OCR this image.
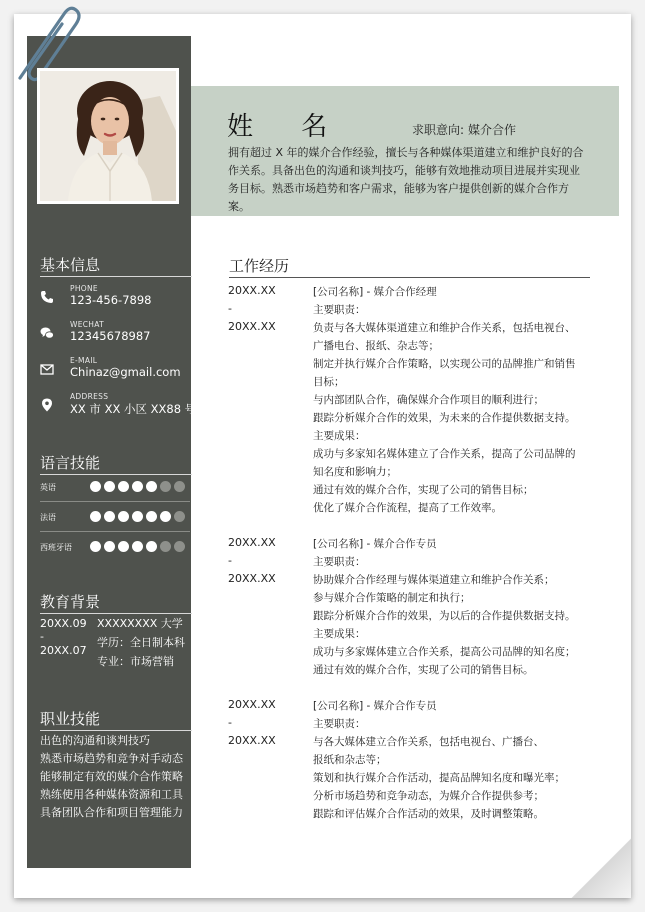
姓 名	求职意向: 媒介合作
拥有超过 X 年的媒介合作经验，擅长与各种媒体渠道建立和维护良好的合作关系。具备出色的沟通和谈判技巧，能够有效地推动项目进展并实现业务目标。熟悉市场趋势和客户需求，能够为客户提供创新的媒介合作方案。
基本信息
PHONE
123-456-7898
WECHAT
12345678987
E-MAIL
Chinaz@gmail.com
ADDRESS
XX 市 XX 小区 XX88 号
语言技能
英语
法语
西班牙语
教育背景
20XX.09
-
20XX.07
XXXXXXXX 大学
学历：全日制本科
专业：市场营销
职业技能
出色的沟通和谈判技巧
熟悉市场趋势和竞争对手动态
能够制定有效的媒介合作策略
熟练使用各种媒体资源和工具
具备团队合作和项目管理能力
工作经历
20XX.XX
-
20XX.XX
[公司名称] - 媒介合作经理
主要职责：
负责与各大媒体渠道建立和维护合作关系，包括电视台、
广播电台、报纸、杂志等；
制定并执行媒介合作策略，以实现公司的品牌推广和销售
目标；
与内部团队合作，确保媒介合作项目的顺利进行；
跟踪分析媒介合作的效果，为未来的合作提供数据支持。
主要成果：
成功与多家知名媒体建立了合作关系，提高了公司品牌的
知名度和影响力；
通过有效的媒介合作，实现了公司的销售目标；
优化了媒介合作流程，提高了工作效率。
20XX.XX
-
20XX.XX
[公司名称] - 媒介合作专员
主要职责：
协助媒介合作经理与媒体渠道建立和维护合作关系；
参与媒介合作策略的制定和执行；
跟踪分析媒介合作的效果，为以后的合作提供数据支持。
主要成果：
成功与多家媒体建立合作关系，提高公司品牌的知名度；
通过有效的媒介合作，实现了公司的销售目标。
20XX.XX
-
20XX.XX
[公司名称] - 媒介合作专员
主要职责：
与各大媒体建立合作关系，包括电视台、广播台、
报纸和杂志等；
策划和执行媒介合作活动，提高品牌知名度和曝光率；
分析市场趋势和竞争动态，为媒介合作提供参考；
跟踪和评估媒介合作活动的效果，及时调整策略。
